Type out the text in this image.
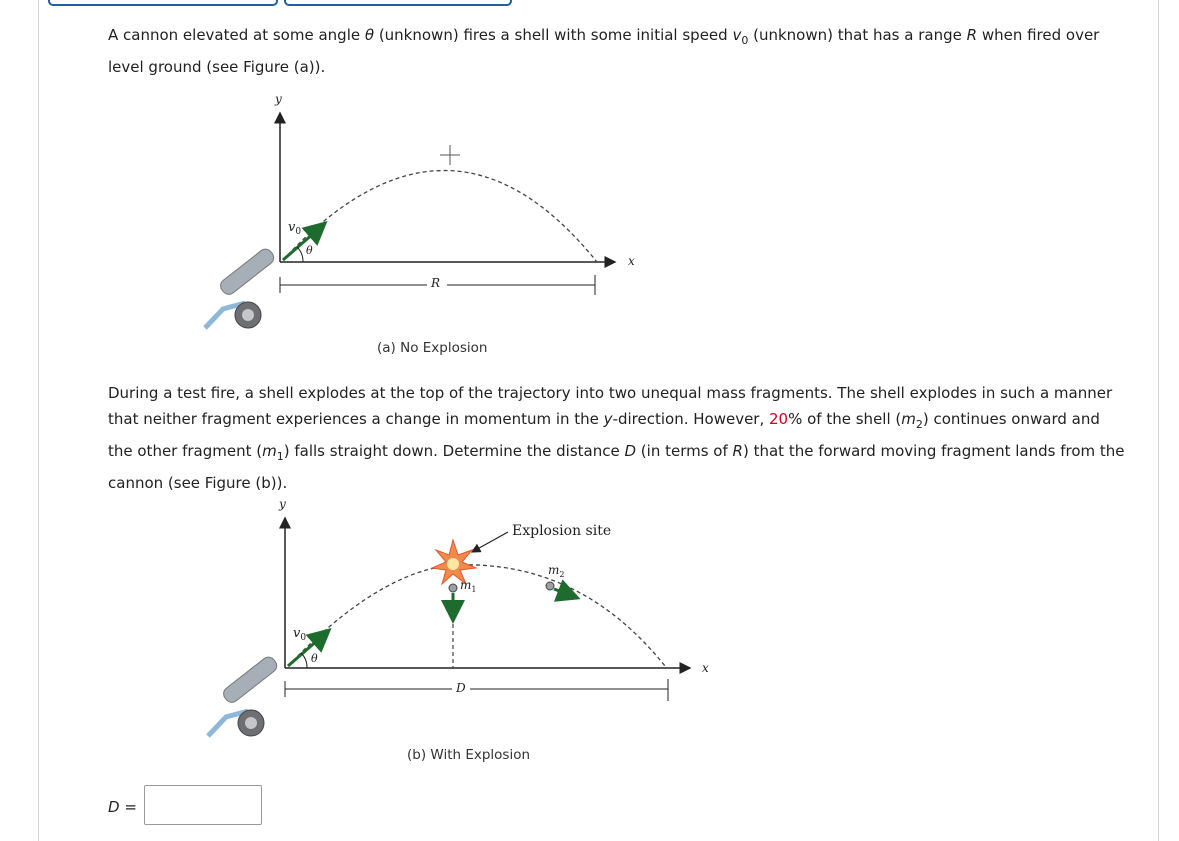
A cannon elevated at some angle θ (unknown) fires a shell with some initial speed $v_0$ (unknown) that has a range R when fired over level ground (see Figure (a)).
y
x
$v_0$
θ
R
(a) No Explosion
During a test fire, a shell explodes at the top of the trajectory into two unequal mass fragments. The shell explodes in such a manner that neither fragment experiences a change in momentum in the y-direction. However, 20% of the shell $(m_2)$ continues onward and the other fragment $(m_1)$ falls straight down. Determine the distance D (in terms of R) that the forward moving fragment lands from the cannon (see Figure (b)).
y
x
Explosion site
$m_1$
$m_2$
$v_0$
θ
D
(b) With Explosion
D =
